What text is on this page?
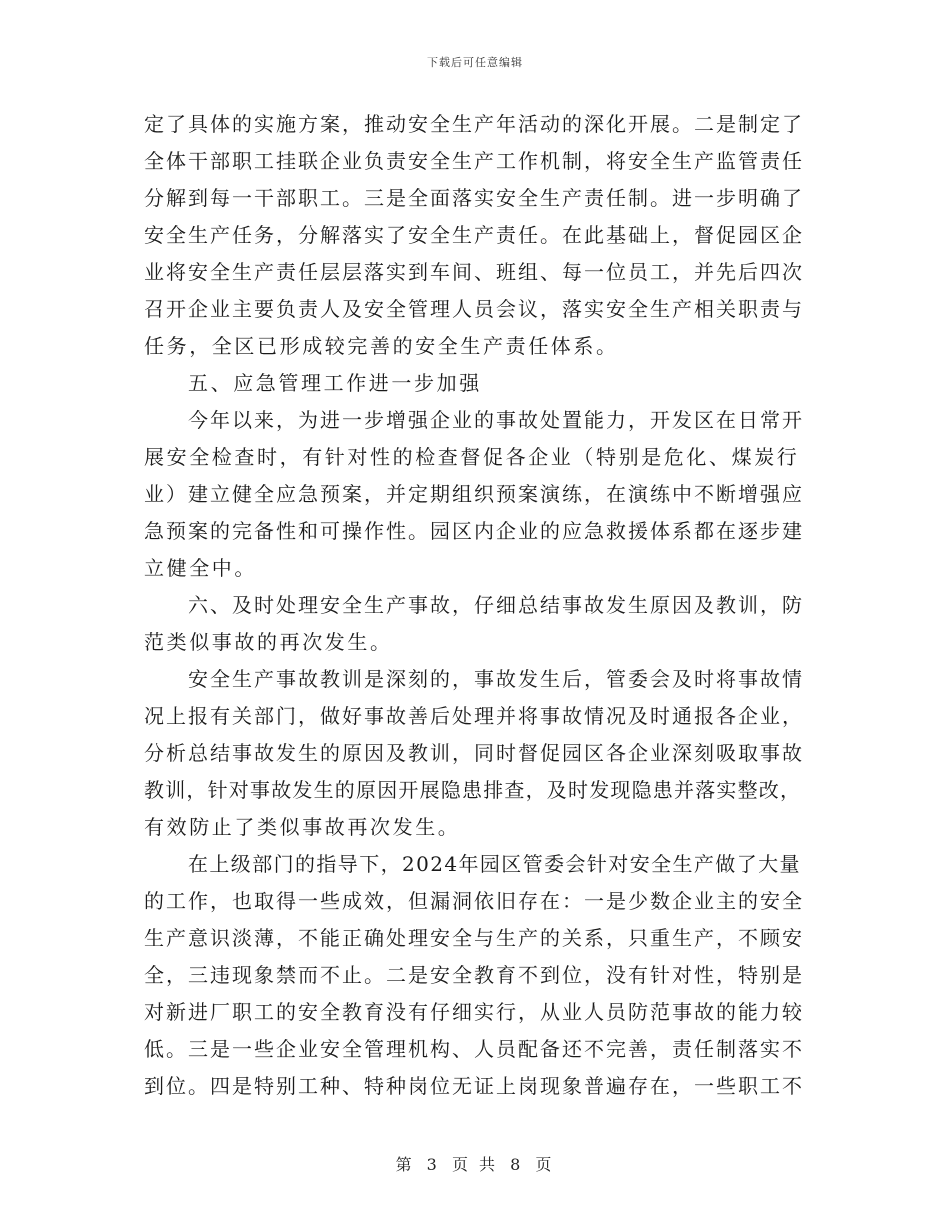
下载后可任意编辑
定了具体的实施方案，推动安全生产年活动的深化开展。二是制定了
全体干部职工挂联企业负责安全生产工作机制，将安全生产监管责任
分解到每一干部职工。三是全面落实安全生产责任制。进一步明确了
安全生产任务，分解落实了安全生产责任。在此基础上，督促园区企
业将安全生产责任层层落实到车间、班组、每一位员工，并先后四次
召开企业主要负责人及安全管理人员会议，落实安全生产相关职责与
任务，全区已形成较完善的安全生产责任体系。
五、应急管理工作进一步加强
今年以来，为进一步增强企业的事故处置能力，开发区在日常开
展安全检查时，有针对性的检查督促各企业（特别是危化、煤炭行
业）建立健全应急预案，并定期组织预案演练，在演练中不断增强应
急预案的完备性和可操作性。园区内企业的应急救援体系都在逐步建
立健全中。
六、及时处理安全生产事故，仔细总结事故发生原因及教训，防
范类似事故的再次发生。
安全生产事故教训是深刻的，事故发生后，管委会及时将事故情
况上报有关部门，做好事故善后处理并将事故情况及时通报各企业，
分析总结事故发生的原因及教训，同时督促园区各企业深刻吸取事故
教训，针对事故发生的原因开展隐患排查，及时发现隐患并落实整改，
有效防止了类似事故再次发生。
在上级部门的指导下，2024年园区管委会针对安全生产做了大量
的工作，也取得一些成效，但漏洞依旧存在：一是少数企业主的安全
生产意识淡薄，不能正确处理安全与生产的关系，只重生产，不顾安
全，三违现象禁而不止。二是安全教育不到位，没有针对性，特别是
对新进厂职工的安全教育没有仔细实行，从业人员防范事故的能力较
低。三是一些企业安全管理机构、人员配备还不完善，责任制落实不
到位。四是特别工种、特种岗位无证上岗现象普遍存在，一些职工不
第 3 页 共 8 页
